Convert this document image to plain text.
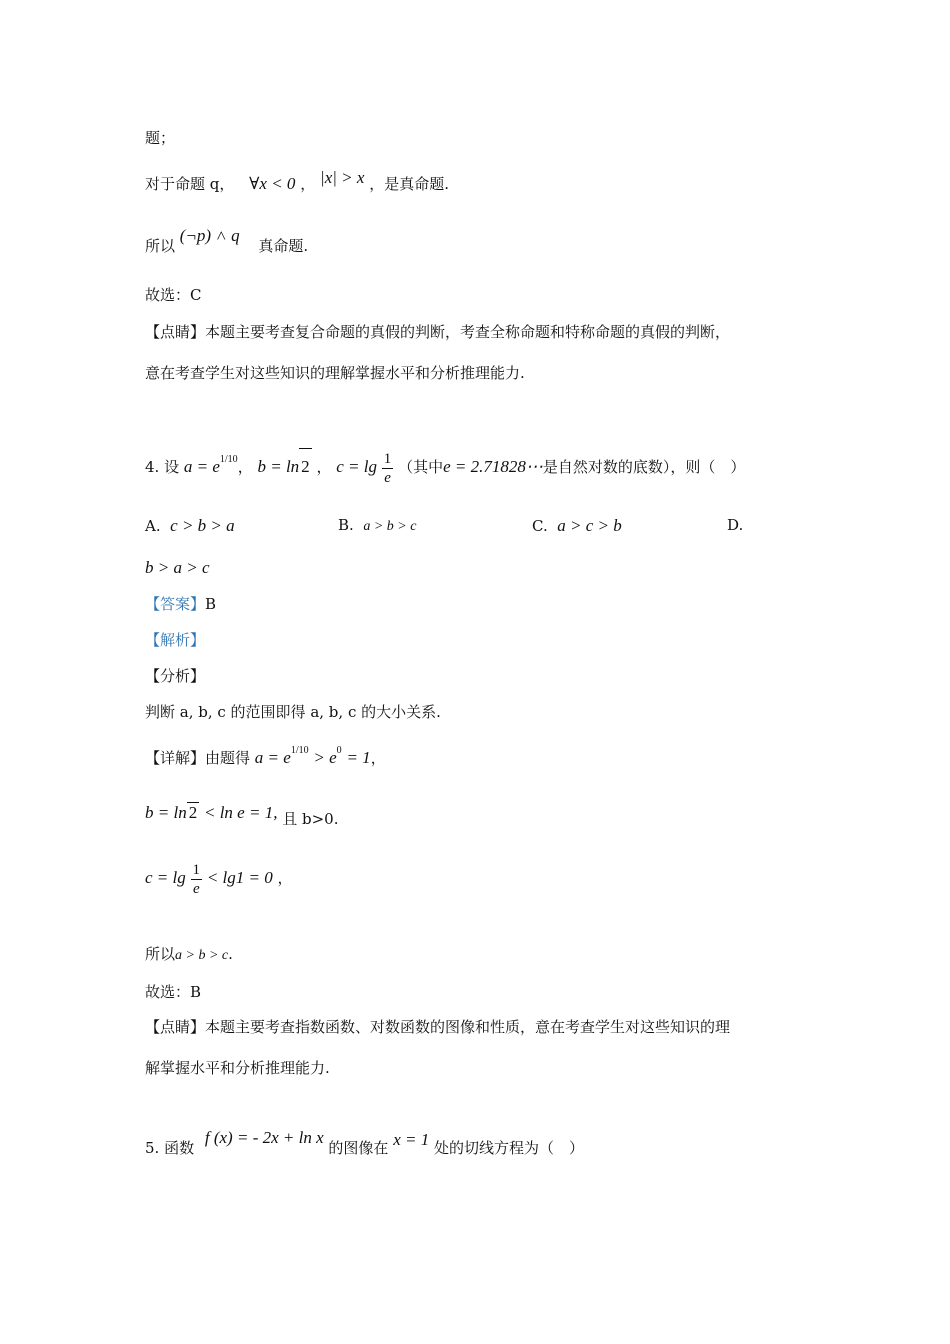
题；
对于命题 q， ∀x < 0 ， |x| > x ，是真命题.
所以 (¬p) ˄ q 真命题.
故选：C
【点睛】本题主要考查复合命题的真假的判断，考查全称命题和特称命题的真假的判断，
意在考查学生对这些知识的理解掌握水平和分析推理能力.
4. 设 $a = e^{1/10}$， b = ln 2 ， $c = \lg \frac{1}{e}$ （其中e = 2.71828⋯是自然对数的底数），则（　）
A. c > b > a	B. a > b > c	C. a > c > b	D.
b > a > c
【答案】B
【解析】
【分析】
判断 a, b, c 的范围即得 a, b, c 的大小关系.
【详解】由题得 $a = e^{1/10} > e^0 = 1$，
b = ln 2 < ln e = 1, 且 b>0.
$c = \lg \frac{1}{e} < \lg 1 = 0$ ，
所以a > b > c.
故选：B
【点睛】本题主要考查指数函数、对数函数的图像和性质，意在考查学生对这些知识的理
解掌握水平和分析推理能力.
5. 函数 f (x) = - 2x + ln x 的图像在 x = 1 处的切线方程为（　）
